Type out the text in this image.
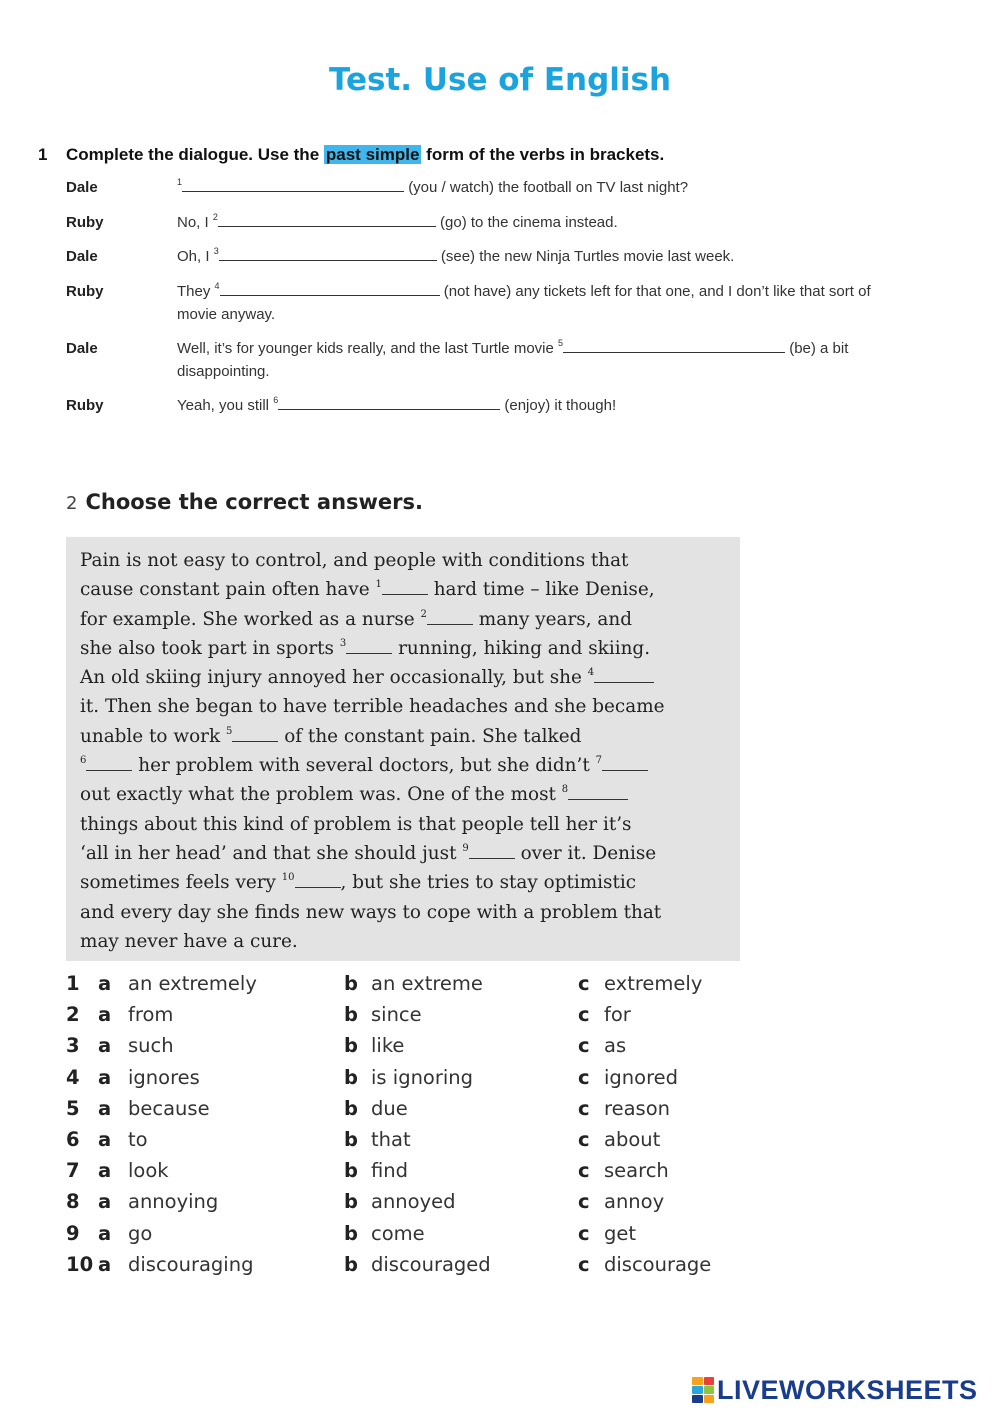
Test. Use of English
1 Complete the dialogue. Use the past simple form of the verbs in brackets.
Dale	$^1$	(you / watch) the football on TV last night?
Ruby	No, I $^2$	(go) to the cinema instead.
Dale	Oh, I $^3$	(see) the new Ninja Turtles movie last week.
Ruby	They $^4$	(not have) any tickets left for that one, and I don’t like that sort of
movie anyway.
Dale	Well, it’s for younger kids really, and the last Turtle movie $^5$	(be) a bit
disappointing.
Ruby	Yeah, you still $^6$	(enjoy) it though!
2 Choose the correct answers.
Pain is not easy to control, and people with conditions that
cause constant pain often have $^1$	hard time – like Denise,
for example. She worked as a nurse $^2$	many years, and
she also took part in sports $^3$	running, hiking and skiing.
An old skiing injury annoyed her occasionally, but she $^4$
it. Then she began to have terrible headaches and she became
unable to work $^5$	of the constant pain. She talked
$^6$	her problem with several doctors, but she didn’t $^7$
out exactly what the problem was. One of the most $^8$
things about this kind of problem is that people tell her it’s
‘all in her head’ and that she should just $^9$	over it. Denise
sometimes feels very $^{10}$	, but she tries to stay optimistic
and every day she finds new ways to cope with a problem that
may never have a cure.
1 a an extremely	b an extreme	c extremely
2 a from	b since	c for
3 a such	b like	c as
4 a ignores	b is ignoring	c ignored
5 a because	b due	c reason
6 a to	b that	c about
7 a look	b find	c search
8 a annoying	b annoyed	c annoy
9 a go	b come	c get
10 a discouraging	b discouraged	c discourage
LIVEWORKSHEETS
